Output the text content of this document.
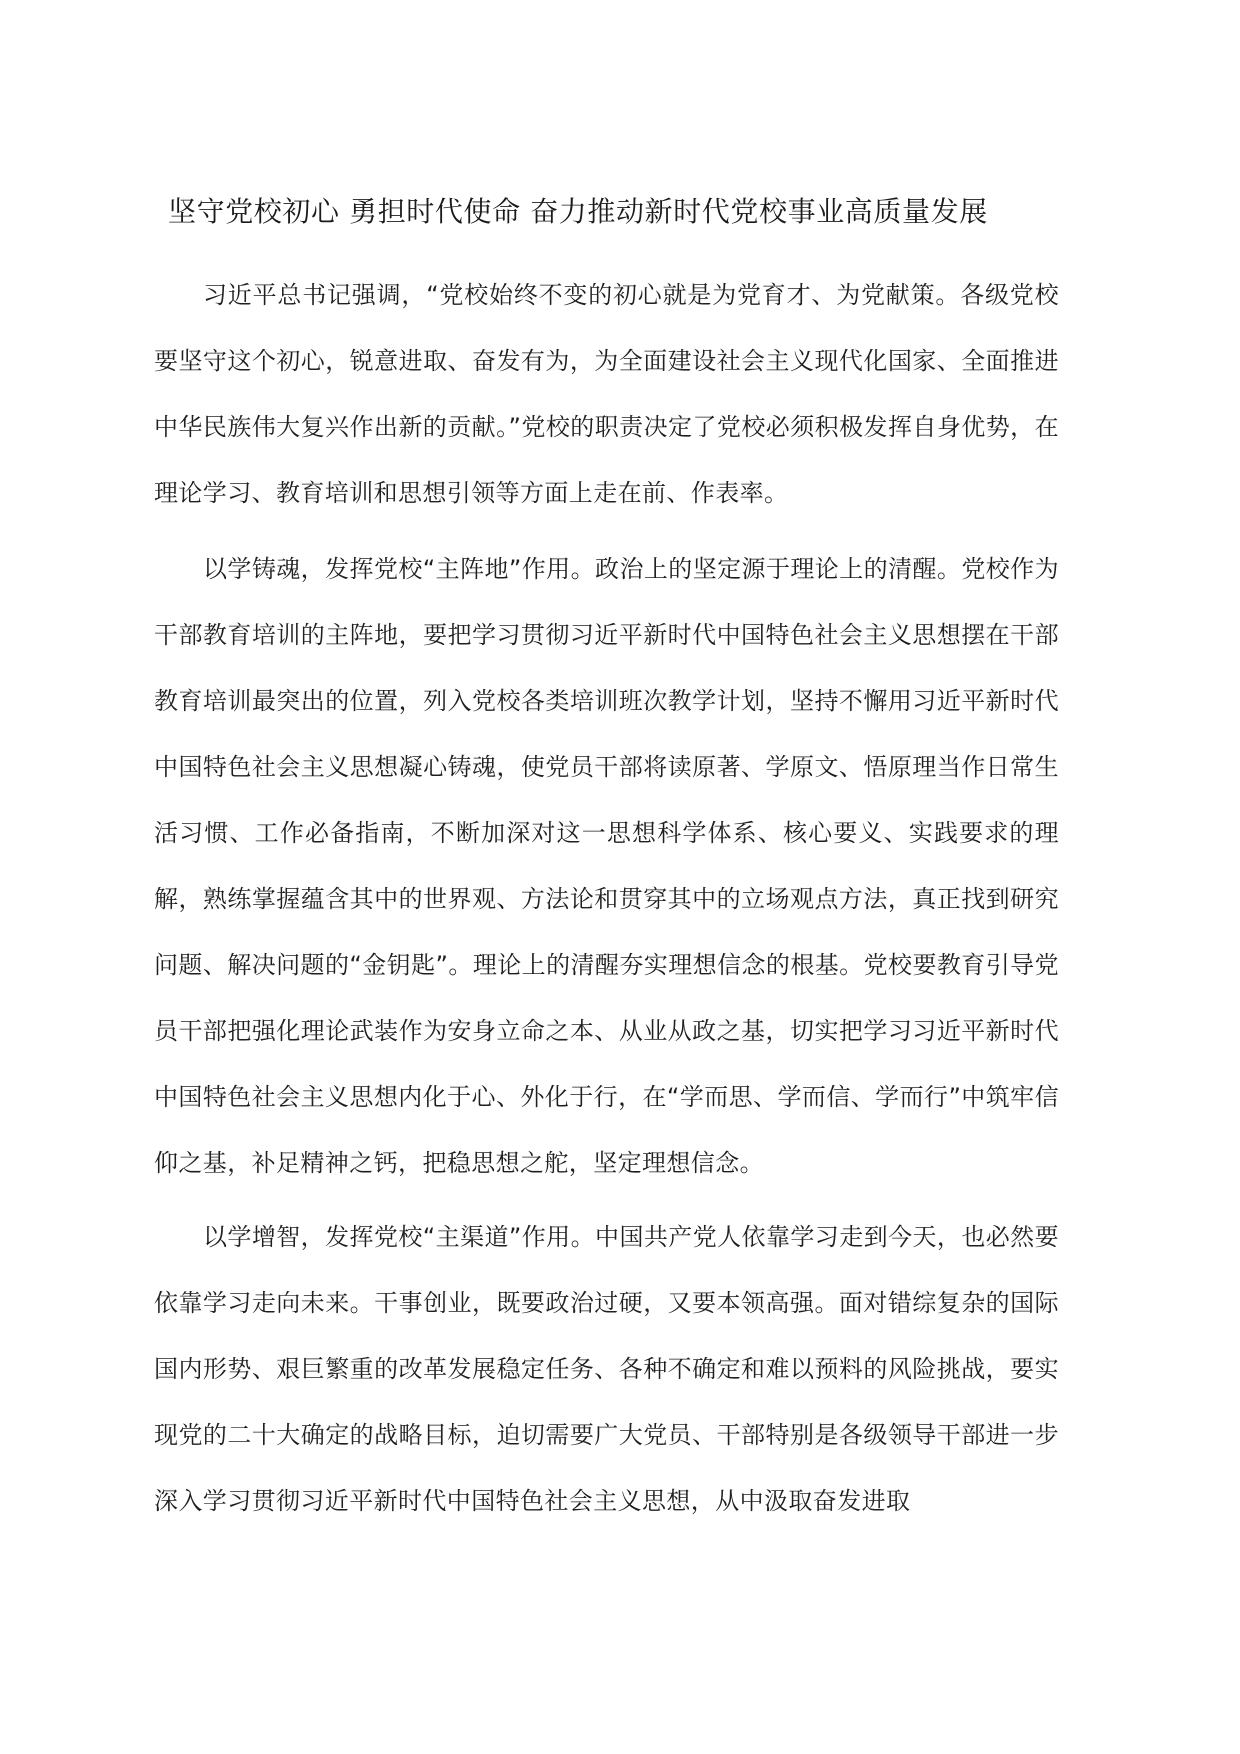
坚守党校初心 勇担时代使命 奋力推动新时代党校事业高质量发展

习近平总书记强调，“党校始终不变的初心就是为党育才、为党献策。各级党校要坚守这个初心，锐意进取、奋发有为，为全面建设社会主义现代化国家、全面推进中华民族伟大复兴作出新的贡献。”党校的职责决定了党校必须积极发挥自身优势，在理论学习、教育培训和思想引领等方面上走在前、作表率。

以学铸魂，发挥党校“主阵地”作用。政治上的坚定源于理论上的清醒。党校作为干部教育培训的主阵地，要把学习贯彻习近平新时代中国特色社会主义思想摆在干部教育培训最突出的位置，列入党校各类培训班次教学计划，坚持不懈用习近平新时代中国特色社会主义思想凝心铸魂，使党员干部将读原著、学原文、悟原理当作日常生活习惯、工作必备指南，不断加深对这一思想科学体系、核心要义、实践要求的理解，熟练掌握蕴含其中的世界观、方法论和贯穿其中的立场观点方法，真正找到研究问题、解决问题的“金钥匙”。理论上的清醒夯实理想信念的根基。党校要教育引导党员干部把强化理论武装作为安身立命之本、从业从政之基，切实把学习习近平新时代中国特色社会主义思想内化于心、外化于行，在“学而思、学而信、学而行”中筑牢信仰之基，补足精神之钙，把稳思想之舵，坚定理想信念。

以学增智，发挥党校“主渠道”作用。中国共产党人依靠学习走到今天，也必然要依靠学习走向未来。干事创业，既要政治过硬，又要本领高强。面对错综复杂的国际国内形势、艰巨繁重的改革发展稳定任务、各种不确定和难以预料的风险挑战，要实现党的二十大确定的战略目标，迫切需要广大党员、干部特别是各级领导干部进一步深入学习贯彻习近平新时代中国特色社会主义思想，从中汲取奋发进取
